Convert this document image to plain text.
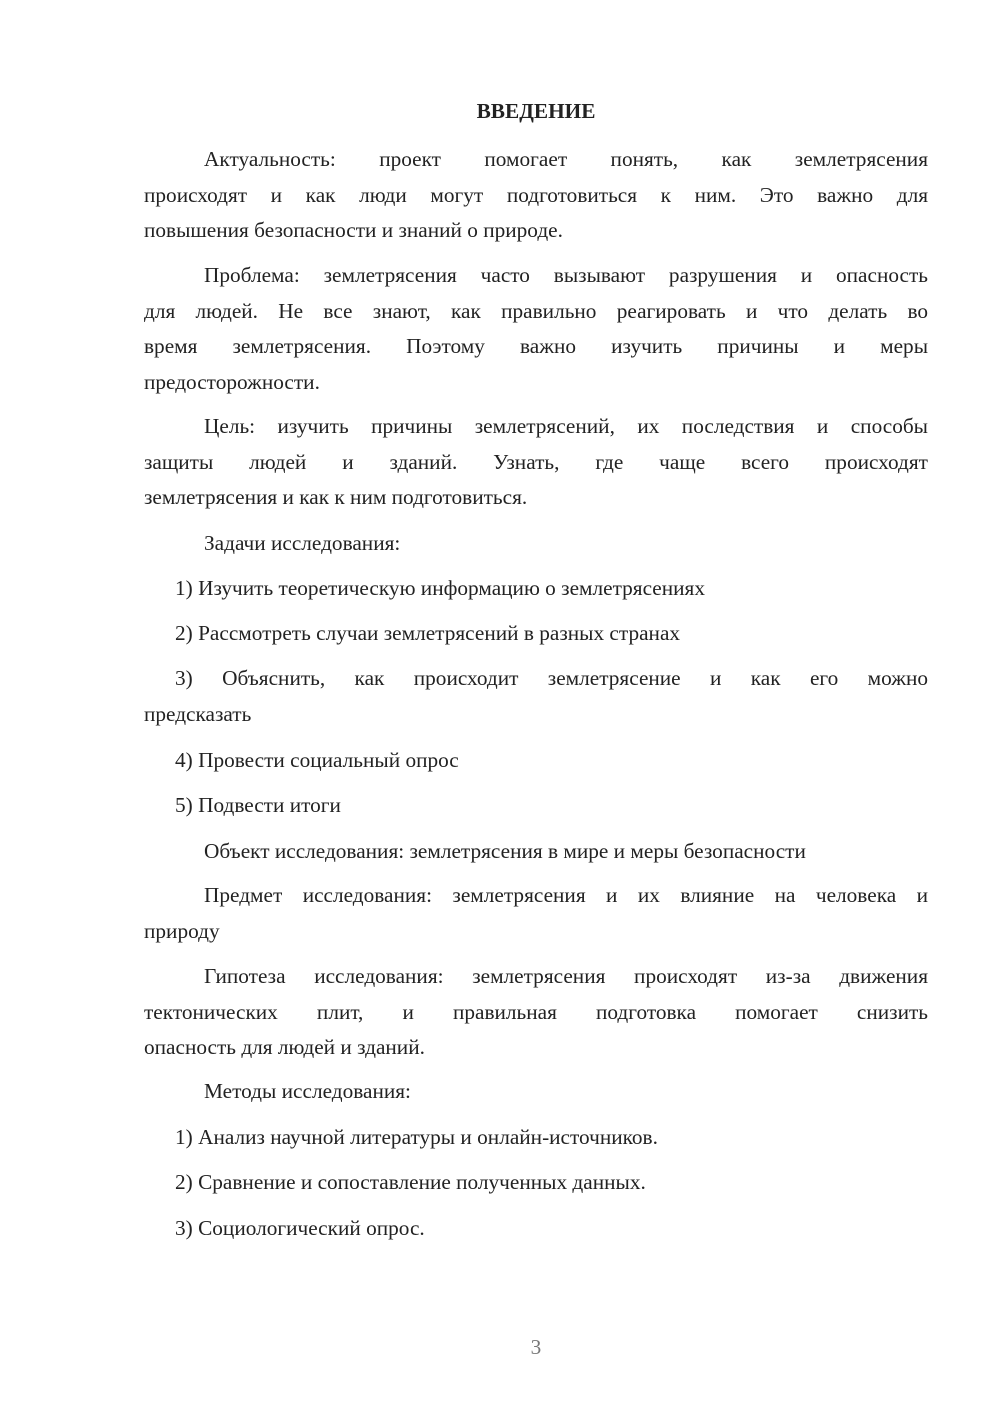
ВВЕДЕНИЕ

Актуальность: проект помогает понять, как землетрясения
происходят и как люди могут подготовиться к ним. Это важно для
повышения безопасности и знаний о природе.

Проблема: землетрясения часто вызывают разрушения и опасность
для людей. Не все знают, как правильно реагировать и что делать во
время землетрясения. Поэтому важно изучить причины и меры
предосторожности.

Цель: изучить причины землетрясений, их последствия и способы
защиты людей и зданий. Узнать, где чаще всего происходят
землетрясения и как к ним подготовиться.

Задачи исследования:

1) Изучить теоретическую информацию о землетрясениях

2) Рассмотреть случаи землетрясений в разных странах

3) Объяснить, как происходит землетрясение и как его можно
предсказать

4) Провести социальный опрос

5) Подвести итоги

Объект исследования: землетрясения в мире и меры безопасности

Предмет исследования: землетрясения и их влияние на человека и
природу

Гипотеза исследования: землетрясения происходят из-за движения
тектонических плит, и правильная подготовка помогает снизить
опасность для людей и зданий.

Методы исследования:

1) Анализ научной литературы и онлайн-источников.

2) Сравнение и сопоставление полученных данных.

3) Социологический опрос.

3
